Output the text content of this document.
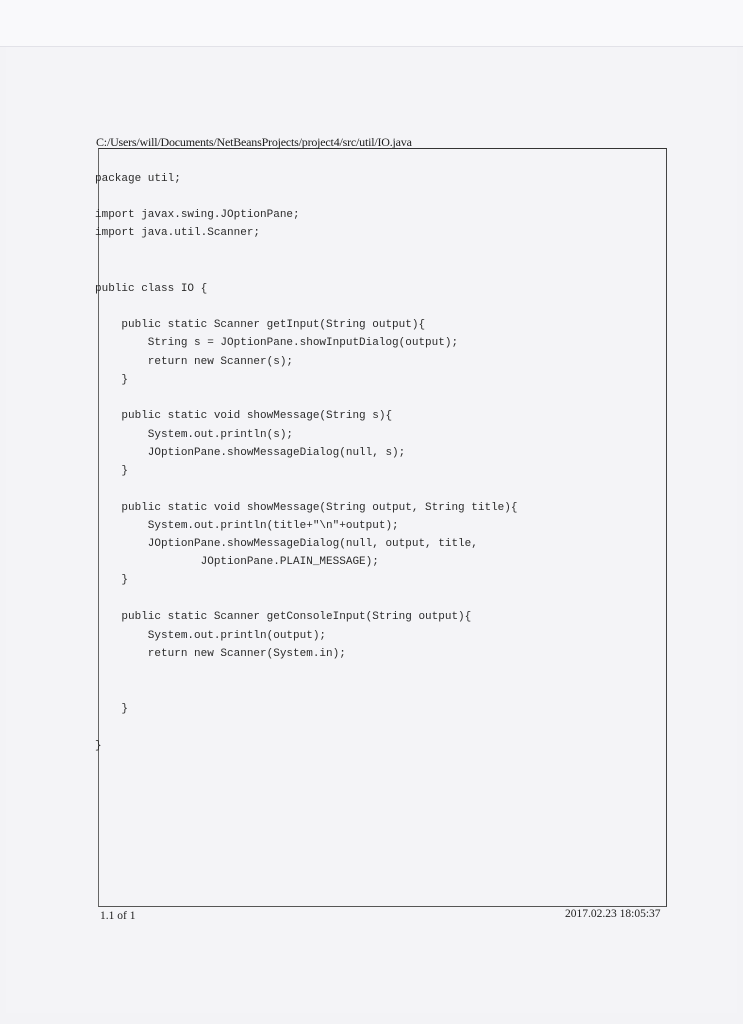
C:/Users/will/Documents/NetBeansProjects/project4/src/util/IO.java
package util;
import javax.swing.JOptionPane;
import java.util.Scanner;
public class IO {
public static Scanner getInput(String output){
String s = JOptionPane.showInputDialog(output);
return new Scanner(s);
}
public static void showMessage(String s){
System.out.println(s);
JOptionPane.showMessageDialog(null, s);
}
public static void showMessage(String output, String title){
System.out.println(title+"\n"+output);
JOptionPane.showMessageDialog(null, output, title,
JOptionPane.PLAIN_MESSAGE);
}
public static Scanner getConsoleInput(String output){
System.out.println(output);
return new Scanner(System.in);
}
}
1.1 of 1	2017.02.23 18:05:37
